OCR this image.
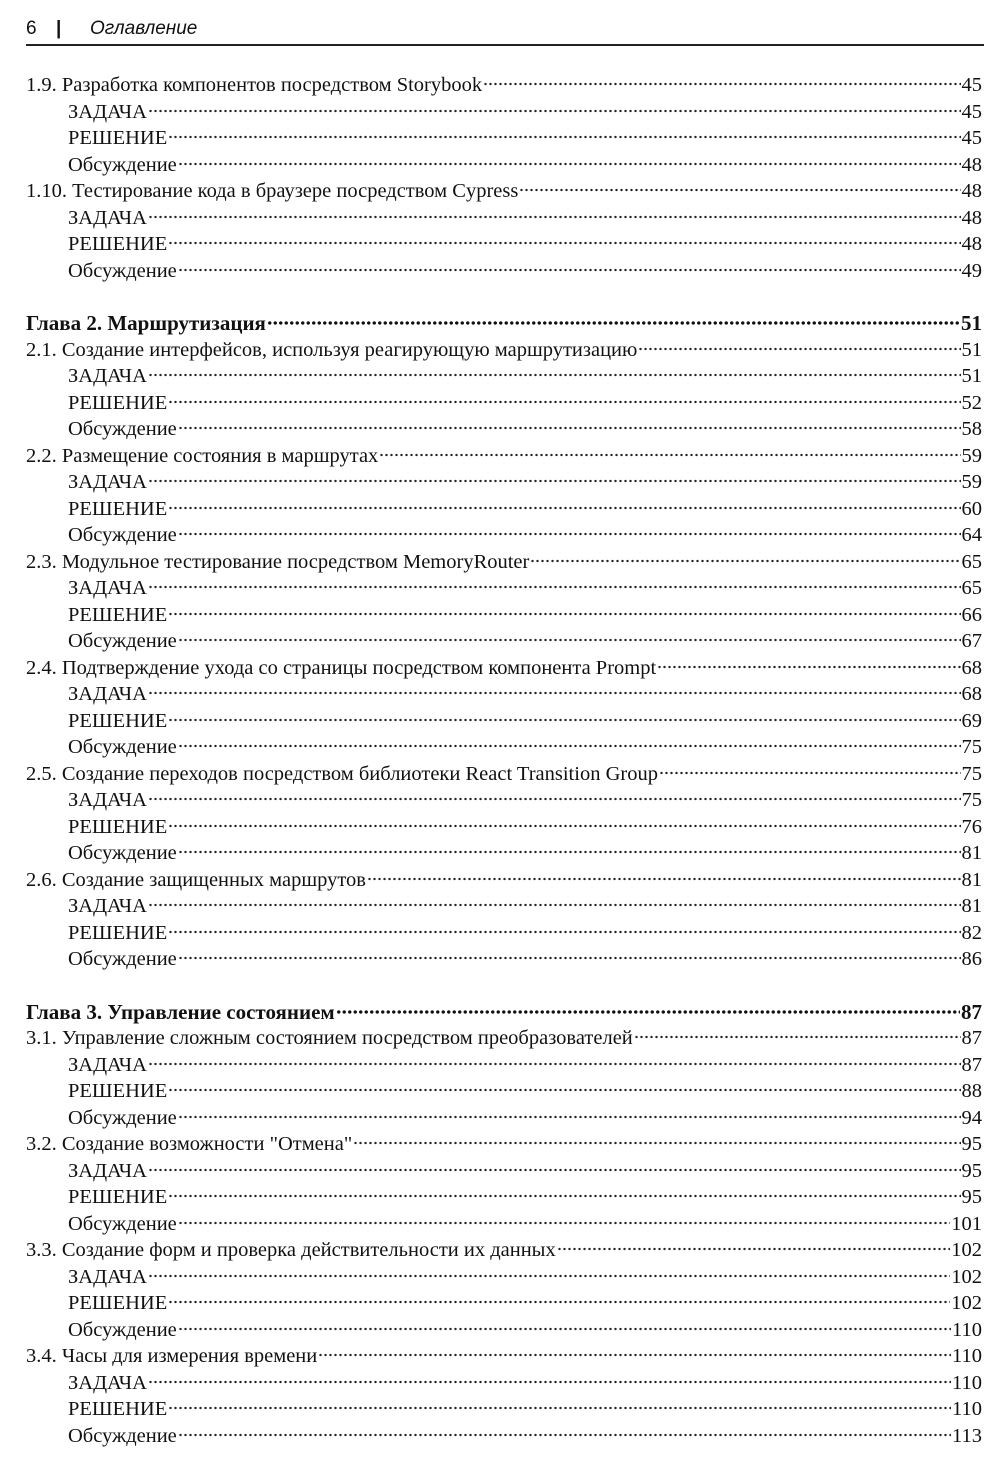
6	|	Оглавление
1.9. Разработка компонентов посредством Storybook	45
ЗАДАЧА	45
РЕШЕНИЕ	45
Обсуждение	48
1.10. Тестирование кода в браузере посредством Cypress	48
ЗАДАЧА	48
РЕШЕНИЕ	48
Обсуждение	49
Глава 2. Маршрутизация	51
2.1. Создание интерфейсов, используя реагирующую маршрутизацию	51
ЗАДАЧА	51
РЕШЕНИЕ	52
Обсуждение	58
2.2. Размещение состояния в маршрутах	59
ЗАДАЧА	59
РЕШЕНИЕ	60
Обсуждение	64
2.3. Модульное тестирование посредством MemoryRouter	65
ЗАДАЧА	65
РЕШЕНИЕ	66
Обсуждение	67
2.4. Подтверждение ухода со страницы посредством компонента Prompt	68
ЗАДАЧА	68
РЕШЕНИЕ	69
Обсуждение	75
2.5. Создание переходов посредством библиотеки React Transition Group	75
ЗАДАЧА	75
РЕШЕНИЕ	76
Обсуждение	81
2.6. Создание защищенных маршрутов	81
ЗАДАЧА	81
РЕШЕНИЕ	82
Обсуждение	86
Глава 3. Управление состоянием	87
3.1. Управление сложным состоянием посредством преобразователей	87
ЗАДАЧА	87
РЕШЕНИЕ	88
Обсуждение	94
3.2. Создание возможности "Отмена"	95
ЗАДАЧА	95
РЕШЕНИЕ	95
Обсуждение	101
3.3. Создание форм и проверка действительности их данных	102
ЗАДАЧА	102
РЕШЕНИЕ	102
Обсуждение	110
3.4. Часы для измерения времени	110
ЗАДАЧА	110
РЕШЕНИЕ	110
Обсуждение	113
